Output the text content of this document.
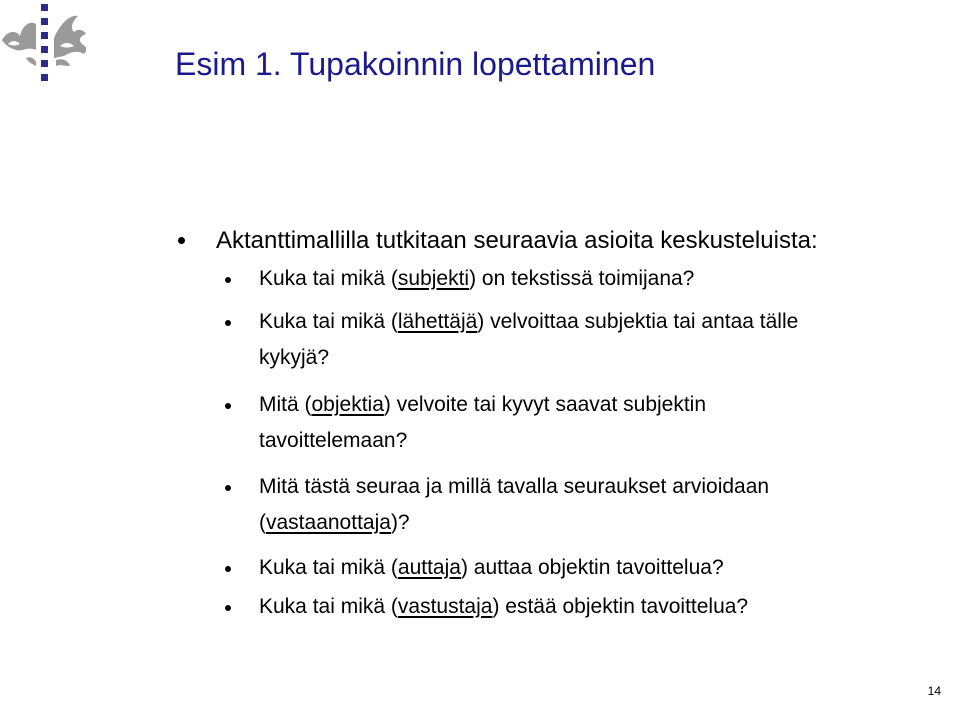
Esim 1. Tupakoinnin lopettaminen
Aktanttimallilla tutkitaan seuraavia asioita keskusteluista:
Kuka tai mikä (subjekti) on tekstissä toimijana?
Kuka tai mikä (lähettäjä) velvoittaa subjektia tai antaa tälle
kykyjä?
Mitä (objektia) velvoite tai kyvyt saavat subjektin
tavoittelemaan?
Mitä tästä seuraa ja millä tavalla seuraukset arvioidaan
(vastaanottaja)?
Kuka tai mikä (auttaja) auttaa objektin tavoittelua?
Kuka tai mikä (vastustaja) estää objektin tavoittelua?
14
